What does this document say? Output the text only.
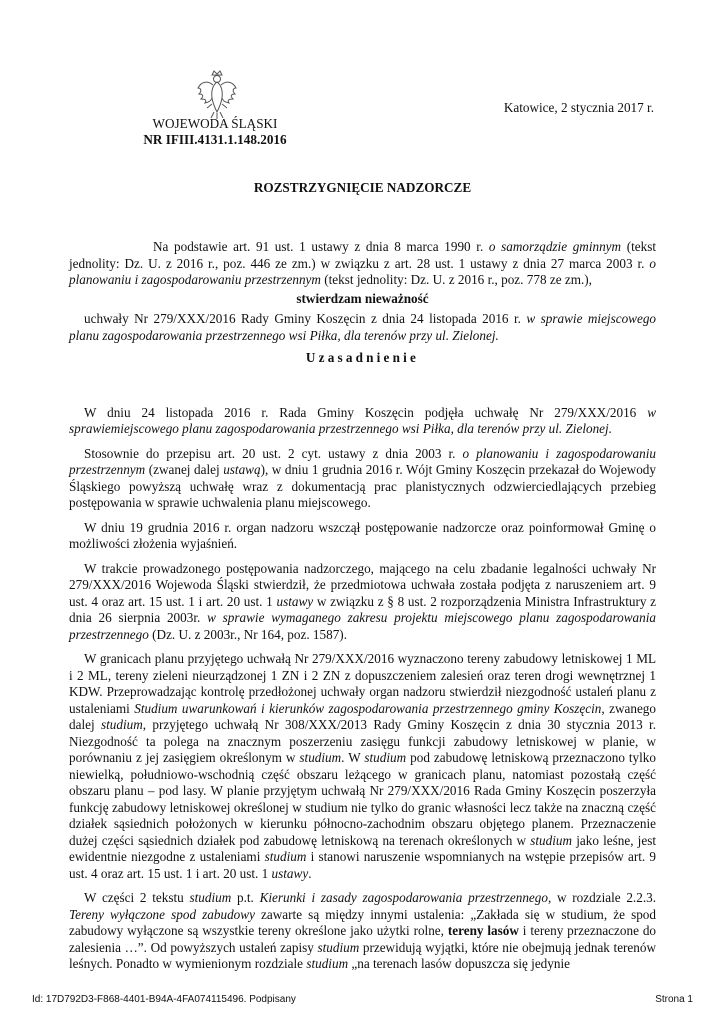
WOJEWODA ŚLĄSKI
NR IFIII.4131.1.148.2016
Katowice, 2 stycznia 2017 r.
ROZSTRZYGNIĘCIE NADZORCZE

Na podstawie art. 91 ust. 1 ustawy z dnia 8 marca 1990 r. o samorządzie gminnym (tekst jednolity: Dz. U. z 2016 r., poz. 446 ze zm.) w związku z art. 28 ust. 1 ustawy z dnia 27 marca 2003 r. o planowaniu i zagospodarowaniu przestrzennym (tekst jednolity: Dz. U. z 2016 r., poz. 778 ze zm.),

stwierdzam nieważność

uchwały Nr 279/XXX/2016 Rady Gminy Koszęcin z dnia 24 listopada 2016 r. w sprawie miejscowego planu zagospodarowania przestrzennego wsi Piłka, dla terenów przy ul. Zielonej.

Uzasadnienie

W dniu 24 listopada 2016 r. Rada Gminy Koszęcin podjęła uchwałę Nr 279/XXX/2016 w sprawiemiejscowego planu zagospodarowania przestrzennego wsi Piłka, dla terenów przy ul. Zielonej.

Stosownie do przepisu art. 20 ust. 2 cyt. ustawy z dnia 2003 r. o planowaniu i zagospodarowaniu przestrzennym (zwanej dalej ustawą), w dniu 1 grudnia 2016 r. Wójt Gminy Koszęcin przekazał do Wojewody Śląskiego powyższą uchwałę wraz z dokumentacją prac planistycznych odzwierciedlających przebieg postępowania w sprawie uchwalenia planu miejscowego.

W dniu 19 grudnia 2016 r. organ nadzoru wszczął postępowanie nadzorcze oraz poinformował Gminę o możliwości złożenia wyjaśnień.

W trakcie prowadzonego postępowania nadzorczego, mającego na celu zbadanie legalności uchwały Nr 279/XXX/2016 Wojewoda Śląski stwierdził, że przedmiotowa uchwała została podjęta z naruszeniem art. 9 ust. 4 oraz art. 15 ust. 1 i art. 20 ust. 1 ustawy w związku z § 8 ust. 2 rozporządzenia Ministra Infrastruktury z dnia 26 sierpnia 2003r. w sprawie wymaganego zakresu projektu miejscowego planu zagospodarowania przestrzennego (Dz. U. z 2003r., Nr 164, poz. 1587).

W granicach planu przyjętego uchwałą Nr 279/XXX/2016 wyznaczono tereny zabudowy letniskowej 1 ML i 2 ML, tereny zieleni nieurządzonej 1 ZN i 2 ZN z dopuszczeniem zalesień oraz teren drogi wewnętrznej 1 KDW. Przeprowadzając kontrolę przedłożonej uchwały organ nadzoru stwierdził niezgodność ustaleń planu z ustaleniami Studium uwarunkowań i kierunków zagospodarowania przestrzennego gminy Koszęcin, zwanego dalej studium, przyjętego uchwałą Nr 308/XXX/2013 Rady Gminy Koszęcin z dnia 30 stycznia 2013 r. Niezgodność ta polega na znacznym poszerzeniu zasięgu funkcji zabudowy letniskowej w planie, w porównaniu z jej zasięgiem określonym w studium. W studium pod zabudowę letniskową przeznaczono tylko niewielką, południowo-wschodnią część obszaru leżącego w granicach planu, natomiast pozostałą część obszaru planu – pod lasy. W planie przyjętym uchwałą Nr 279/XXX/2016 Rada Gminy Koszęcin poszerzyła funkcję zabudowy letniskowej określonej w studium nie tylko do granic własności lecz także na znaczną część działek sąsiednich położonych w kierunku północno-zachodnim obszaru objętego planem. Przeznaczenie dużej części sąsiednich działek pod zabudowę letniskową na terenach określonych w studium jako leśne, jest ewidentnie niezgodne z ustaleniami studium i stanowi naruszenie wspomnianych na wstępie przepisów art. 9 ust. 4 oraz art. 15 ust. 1 i art. 20 ust. 1 ustawy.

W części 2 tekstu studium p.t. Kierunki i zasady zagospodarowania przestrzennego, w rozdziale 2.2.3. Tereny wyłączone spod zabudowy zawarte są między innymi ustalenia: „Zakłada się w studium, że spod zabudowy wyłączone są wszystkie tereny określone jako użytki rolne, tereny lasów i tereny przeznaczone do zalesienia …”. Od powyższych ustaleń zapisy studium przewidują wyjątki, które nie obejmują jednak terenów leśnych. Ponadto w wymienionym rozdziale studium „na terenach lasów dopuszcza się jedynie

Id: 17D792D3-F868-4401-B94A-4FA074115496. Podpisany	Strona 1
